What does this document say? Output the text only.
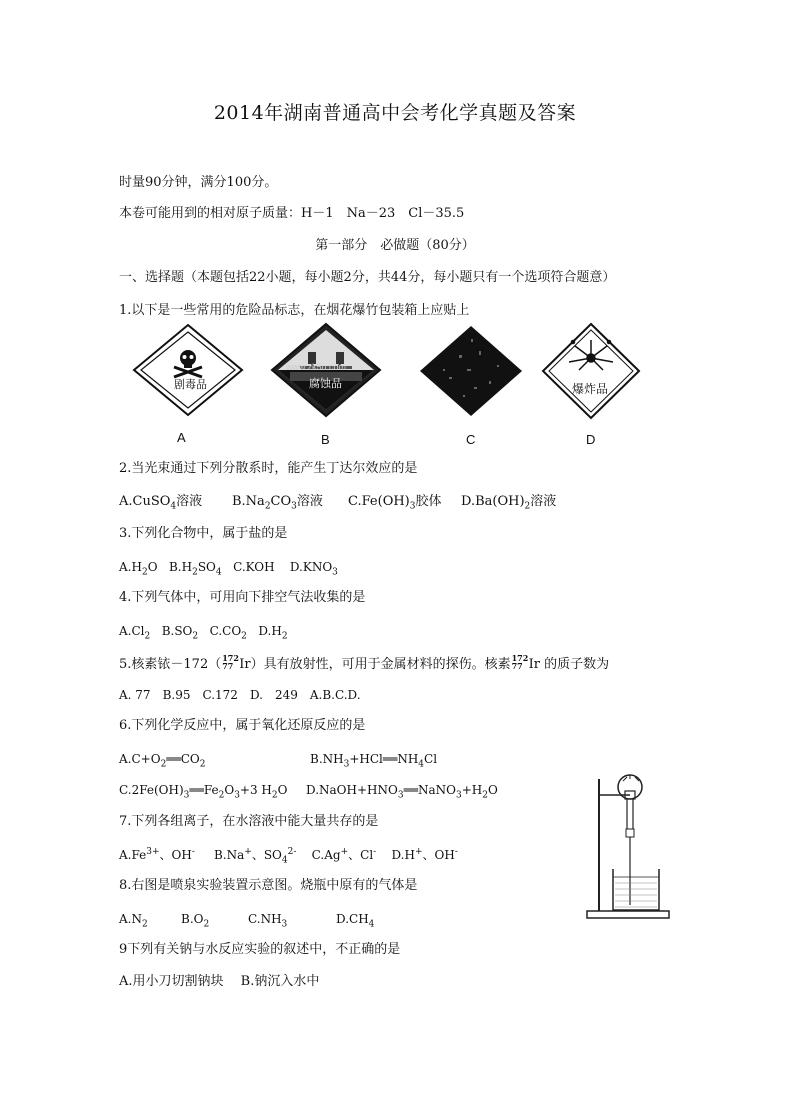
2014年湖南普通高中会考化学真题及答案
时量90分钟，满分100分。
本卷可能用到的相对原子质量：H－1　Na－23　Cl－35.5
第一部分　必做题（80分）
一、选择题（本题包括22小题，每小题2分，共44分，每小题只有一个选项符合题意）
1.以下是一些常用的危险品标志，在烟花爆竹包装箱上应贴上
剧毒品
www.zk5u.com
腐蚀品	爆炸品
A	B	C	D
2.当光束通过下列分散系时，能产生丁达尔效应的是
A.CuSO$_4$溶液 $B.Na_2CO_3$溶液 $C.Fe(OH)_3$胶体 $D.Ba(OH)_2$溶液
3.下列化合物中，属于盐的是
$A.H_2O$ $B.H_2SO_4$ C.KOH $D.KNO_3$
4.下列气体中，可用向下排空气法收集的是
$A.Cl_2$ $B.SO_2$ $C.CO_2$ $D.H_2$
5.核素铱－172（ 172
77 Ir）具有放射性，可用于金属材料的探伤。核素 172
77 Ir 的质子数为
A. 77　B.95　C.172　D.　249　A.B.C.D.
6.下列化学反应中，属于氧化还原反应的是
$A.C+O_2══CO_2$	$B.NH_3+HCl══NH_4Cl$
$C.2Fe(OH)_3══Fe_2O_3+3$ $H_2O$ $D.NaOH+HNO_3══NaNO_3+H_2O$
7.下列各组离子，在水溶液中能大量共存的是
$A.Fe^{3+}$、OH- B.Na+、$SO_4^{2-}$ C.Ag+、Cl- D.H+、OH-
8.右图是喷泉实验装置示意图。烧瓶中原有的气体是
$A.N_2$	$B.O_2$	$C.NH_3$	$D.CH_4$
9下列有关钠与水反应实验的叙述中，不正确的是
A.用小刀切割钠块　 B.钠沉入水中
